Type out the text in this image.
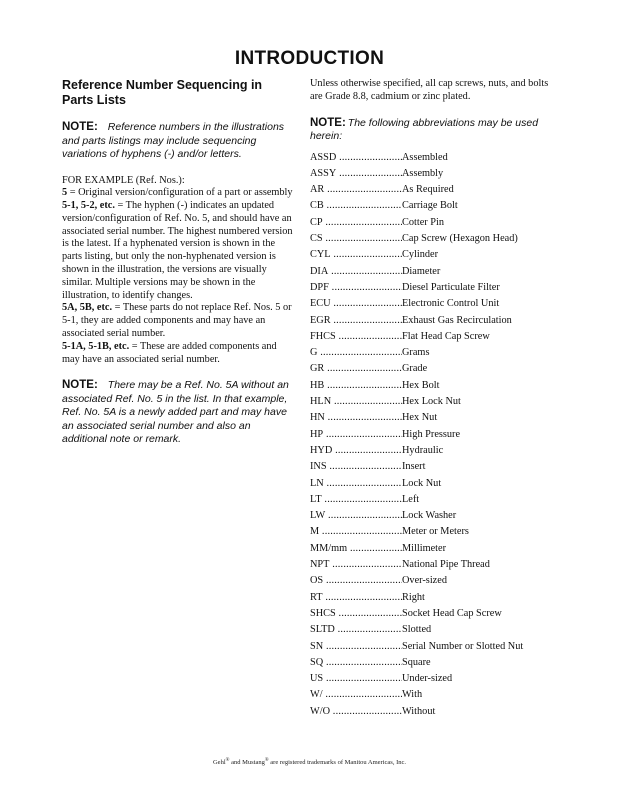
INTRODUCTION
Reference Number Sequencing in Parts Lists
NOTE: Reference numbers in the illustrations and parts listings may include sequencing variations of hyphens (-) and/or letters.
FOR EXAMPLE (Ref. Nos.):
5 = Original version/configuration of a part or assembly
5-1, 5-2, etc. = The hyphen (-) indicates an updated version/configuration of Ref. No. 5, and should have an associated serial number. The highest numbered version is the latest. If a hyphenated version is shown in the parts listing, but only the non-hyphenated version is shown in the illustration, the versions are visually similar. Multiple versions may be shown in the illustration, to identify changes.
5A, 5B, etc. = These parts do not replace Ref. Nos. 5 or 5-1, they are added components and may have an associated serial number.
5-1A, 5-1B, etc. = These are added components and may have an associated serial number.
NOTE: There may be a Ref. No. 5A without an associated Ref. No. 5 in the list. In that example, Ref. No. 5A is a newly added part and may have an associated serial number and also an additional note or remark.
Unless otherwise specified, all cap screws, nuts, and bolts are Grade 8.8, cadmium or zinc plated.
NOTE: The following abbreviations may be used herein:
ASSD .....	Assembled
ASSY .....	Assembly
AR .....	As Required
CB .....	Carriage Bolt
CP .....	Cotter Pin
CS .....	Cap Screw (Hexagon Head)
CYL .....	Cylinder
DIA .....	Diameter
DPF .....	Diesel Particulate Filter
ECU .....	Electronic Control Unit
EGR .....	Exhaust Gas Recirculation
FHCS .....	Flat Head Cap Screw
G .....	Grams
GR .....	Grade
HB .....	Hex Bolt
HLN .....	Hex Lock Nut
HN .....	Hex Nut
HP .....	High Pressure
HYD .....	Hydraulic
INS .....	Insert
LN .....	Lock Nut
LT .....	Left
LW .....	Lock Washer
M .....	Meter or Meters
MM/mm .....	Millimeter
NPT .....	National Pipe Thread
OS .....	Over-sized
RT .....	Right
SHCS .....	Socket Head Cap Screw
SLTD .....	Slotted
SN .....	Serial Number or Slotted Nut
SQ .....	Square
US .....	Under-sized
W/ .....	With
W/O .....	Without
Gehl® and Mustang® are registered trademarks of Manitou Americas, Inc.
